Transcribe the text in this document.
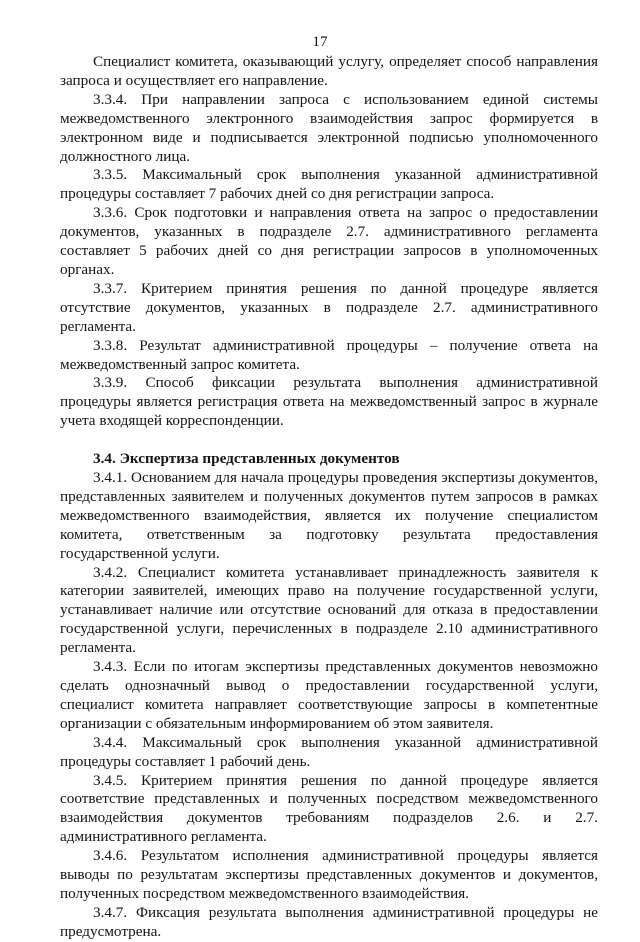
17

Специалист комитета, оказывающий услугу, определяет способ направления запроса и осуществляет его направление.

3.3.4. При направлении запроса с использованием единой системы межведомственного электронного взаимодействия запрос формируется в электронном виде и подписывается электронной подписью уполномоченного должностного лица.

3.3.5. Максимальный срок выполнения указанной административной процедуры составляет 7 рабочих дней со дня регистрации запроса.

3.3.6. Срок подготовки и направления ответа на запрос о предоставлении документов, указанных в подразделе 2.7. административного регламента составляет 5 рабочих дней со дня регистрации запросов в уполномоченных органах.

3.3.7. Критерием принятия решения по данной процедуре является отсутствие документов, указанных в подразделе 2.7. административного регламента.

3.3.8. Результат административной процедуры – получение ответа на межведомственный запрос комитета.

3.3.9. Способ фиксации результата выполнения административной процедуры является регистрация ответа на межведомственный запрос в журнале учета входящей корреспонденции.

3.4. Экспертиза представленных документов

3.4.1. Основанием для начала процедуры проведения экспертизы документов, представленных заявителем и полученных документов путем запросов в рамках межведомственного взаимодействия, является их получение специалистом комитета, ответственным за подготовку результата предоставления государственной услуги.

3.4.2. Специалист комитета устанавливает принадлежность заявителя к категории заявителей, имеющих право на получение государственной услуги, устанавливает наличие или отсутствие оснований для отказа в предоставлении государственной услуги, перечисленных в подразделе 2.10 административного регламента.

3.4.3. Если по итогам экспертизы представленных документов невозможно сделать однозначный вывод о предоставлении государственной услуги, специалист комитета направляет соответствующие запросы в компетентные организации с обязательным информированием об этом заявителя.

3.4.4. Максимальный срок выполнения указанной административной процедуры составляет 1 рабочий день.

3.4.5. Критерием принятия решения по данной процедуре является соответствие представленных и полученных посредством межведомственного взаимодействия документов требованиям подразделов 2.6. и 2.7. административного регламента.

3.4.6. Результатом исполнения административной процедуры является выводы по результатам экспертизы представленных документов и документов, полученных посредством межведомственного взаимодействия.

3.4.7. Фиксация результата выполнения административной процедуры не предусмотрена.
